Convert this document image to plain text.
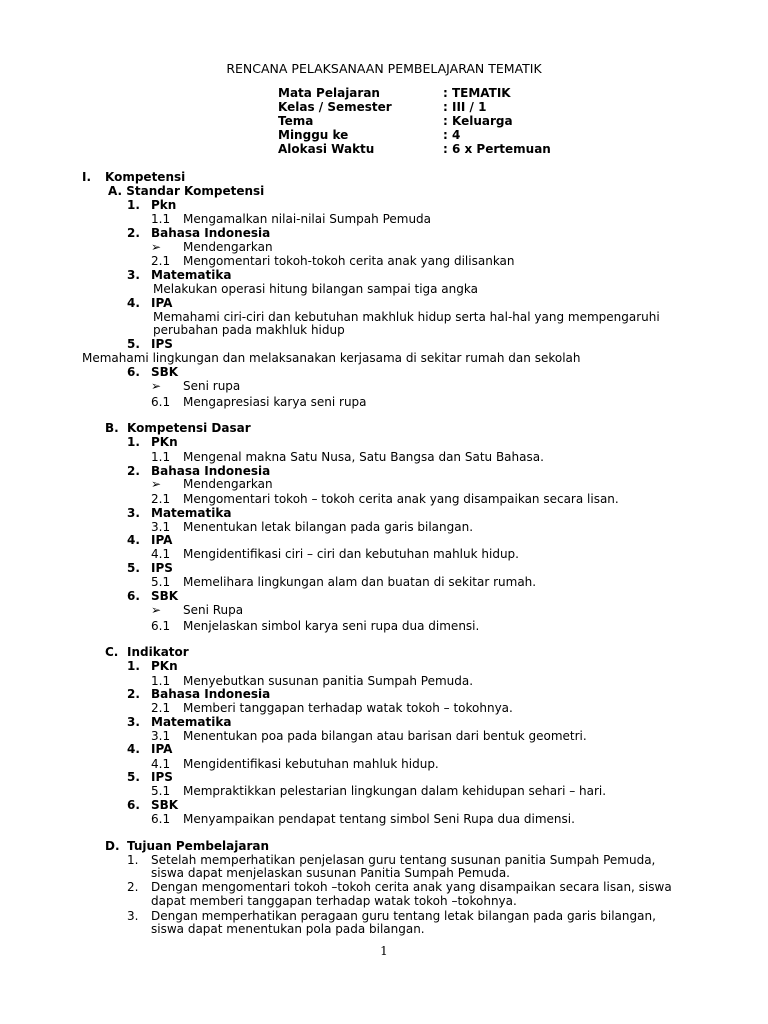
RENCANA PELAKSANAAN PEMBELAJARAN TEMATIK
Mata Pelajaran	: TEMATIK
Kelas / Semester	: III / 1
Tema	: Keluarga
Minggu ke	: 4
Alokasi Waktu	: 6 x Pertemuan
I. Kompetensi
A. Standar Kompetensi
1. Pkn
1.1 Mengamalkan nilai-nilai Sumpah Pemuda
2. Bahasa Indonesia
➢ Mendengarkan
2.1 Mengomentari tokoh-tokoh cerita anak yang dilisankan
3. Matematika
Melakukan operasi hitung bilangan sampai tiga angka
4. IPA
Memahami ciri-ciri dan kebutuhan makhluk hidup serta hal-hal yang mempengaruhi
perubahan pada makhluk hidup
5. IPS
Memahami lingkungan dan melaksanakan kerjasama di sekitar rumah dan sekolah
6. SBK
➢ Seni rupa
6.1 Mengapresiasi karya seni rupa
B. Kompetensi Dasar
1. PKn
1.1 Mengenal makna Satu Nusa, Satu Bangsa dan Satu Bahasa.
2. Bahasa Indonesia
➢ Mendengarkan
2.1 Mengomentari tokoh – tokoh cerita anak yang disampaikan secara lisan.
3. Matematika
3.1 Menentukan letak bilangan pada garis bilangan.
4. IPA
4.1 Mengidentifikasi ciri – ciri dan kebutuhan mahluk hidup.
5. IPS
5.1 Memelihara lingkungan alam dan buatan di sekitar rumah.
6. SBK
➢ Seni Rupa
6.1 Menjelaskan simbol karya seni rupa dua dimensi.
C. Indikator
1. PKn
1.1 Menyebutkan susunan panitia Sumpah Pemuda.
2. Bahasa Indonesia
2.1 Memberi tanggapan terhadap watak tokoh – tokohnya.
3. Matematika
3.1 Menentukan poa pada bilangan atau barisan dari bentuk geometri.
4. IPA
4.1 Mengidentifikasi kebutuhan mahluk hidup.
5. IPS
5.1 Mempraktikkan pelestarian lingkungan dalam kehidupan sehari – hari.
6. SBK
6.1 Menyampaikan pendapat tentang simbol Seni Rupa dua dimensi.
D. Tujuan Pembelajaran
1. Setelah memperhatikan penjelasan guru tentang susunan panitia Sumpah Pemuda,
siswa dapat menjelaskan susunan Panitia Sumpah Pemuda.
2. Dengan mengomentari tokoh –tokoh cerita anak yang disampaikan secara lisan, siswa
dapat memberi tanggapan terhadap watak tokoh –tokohnya.
3. Dengan memperhatikan peragaan guru tentang letak bilangan pada garis bilangan,
siswa dapat menentukan pola pada bilangan.
1
